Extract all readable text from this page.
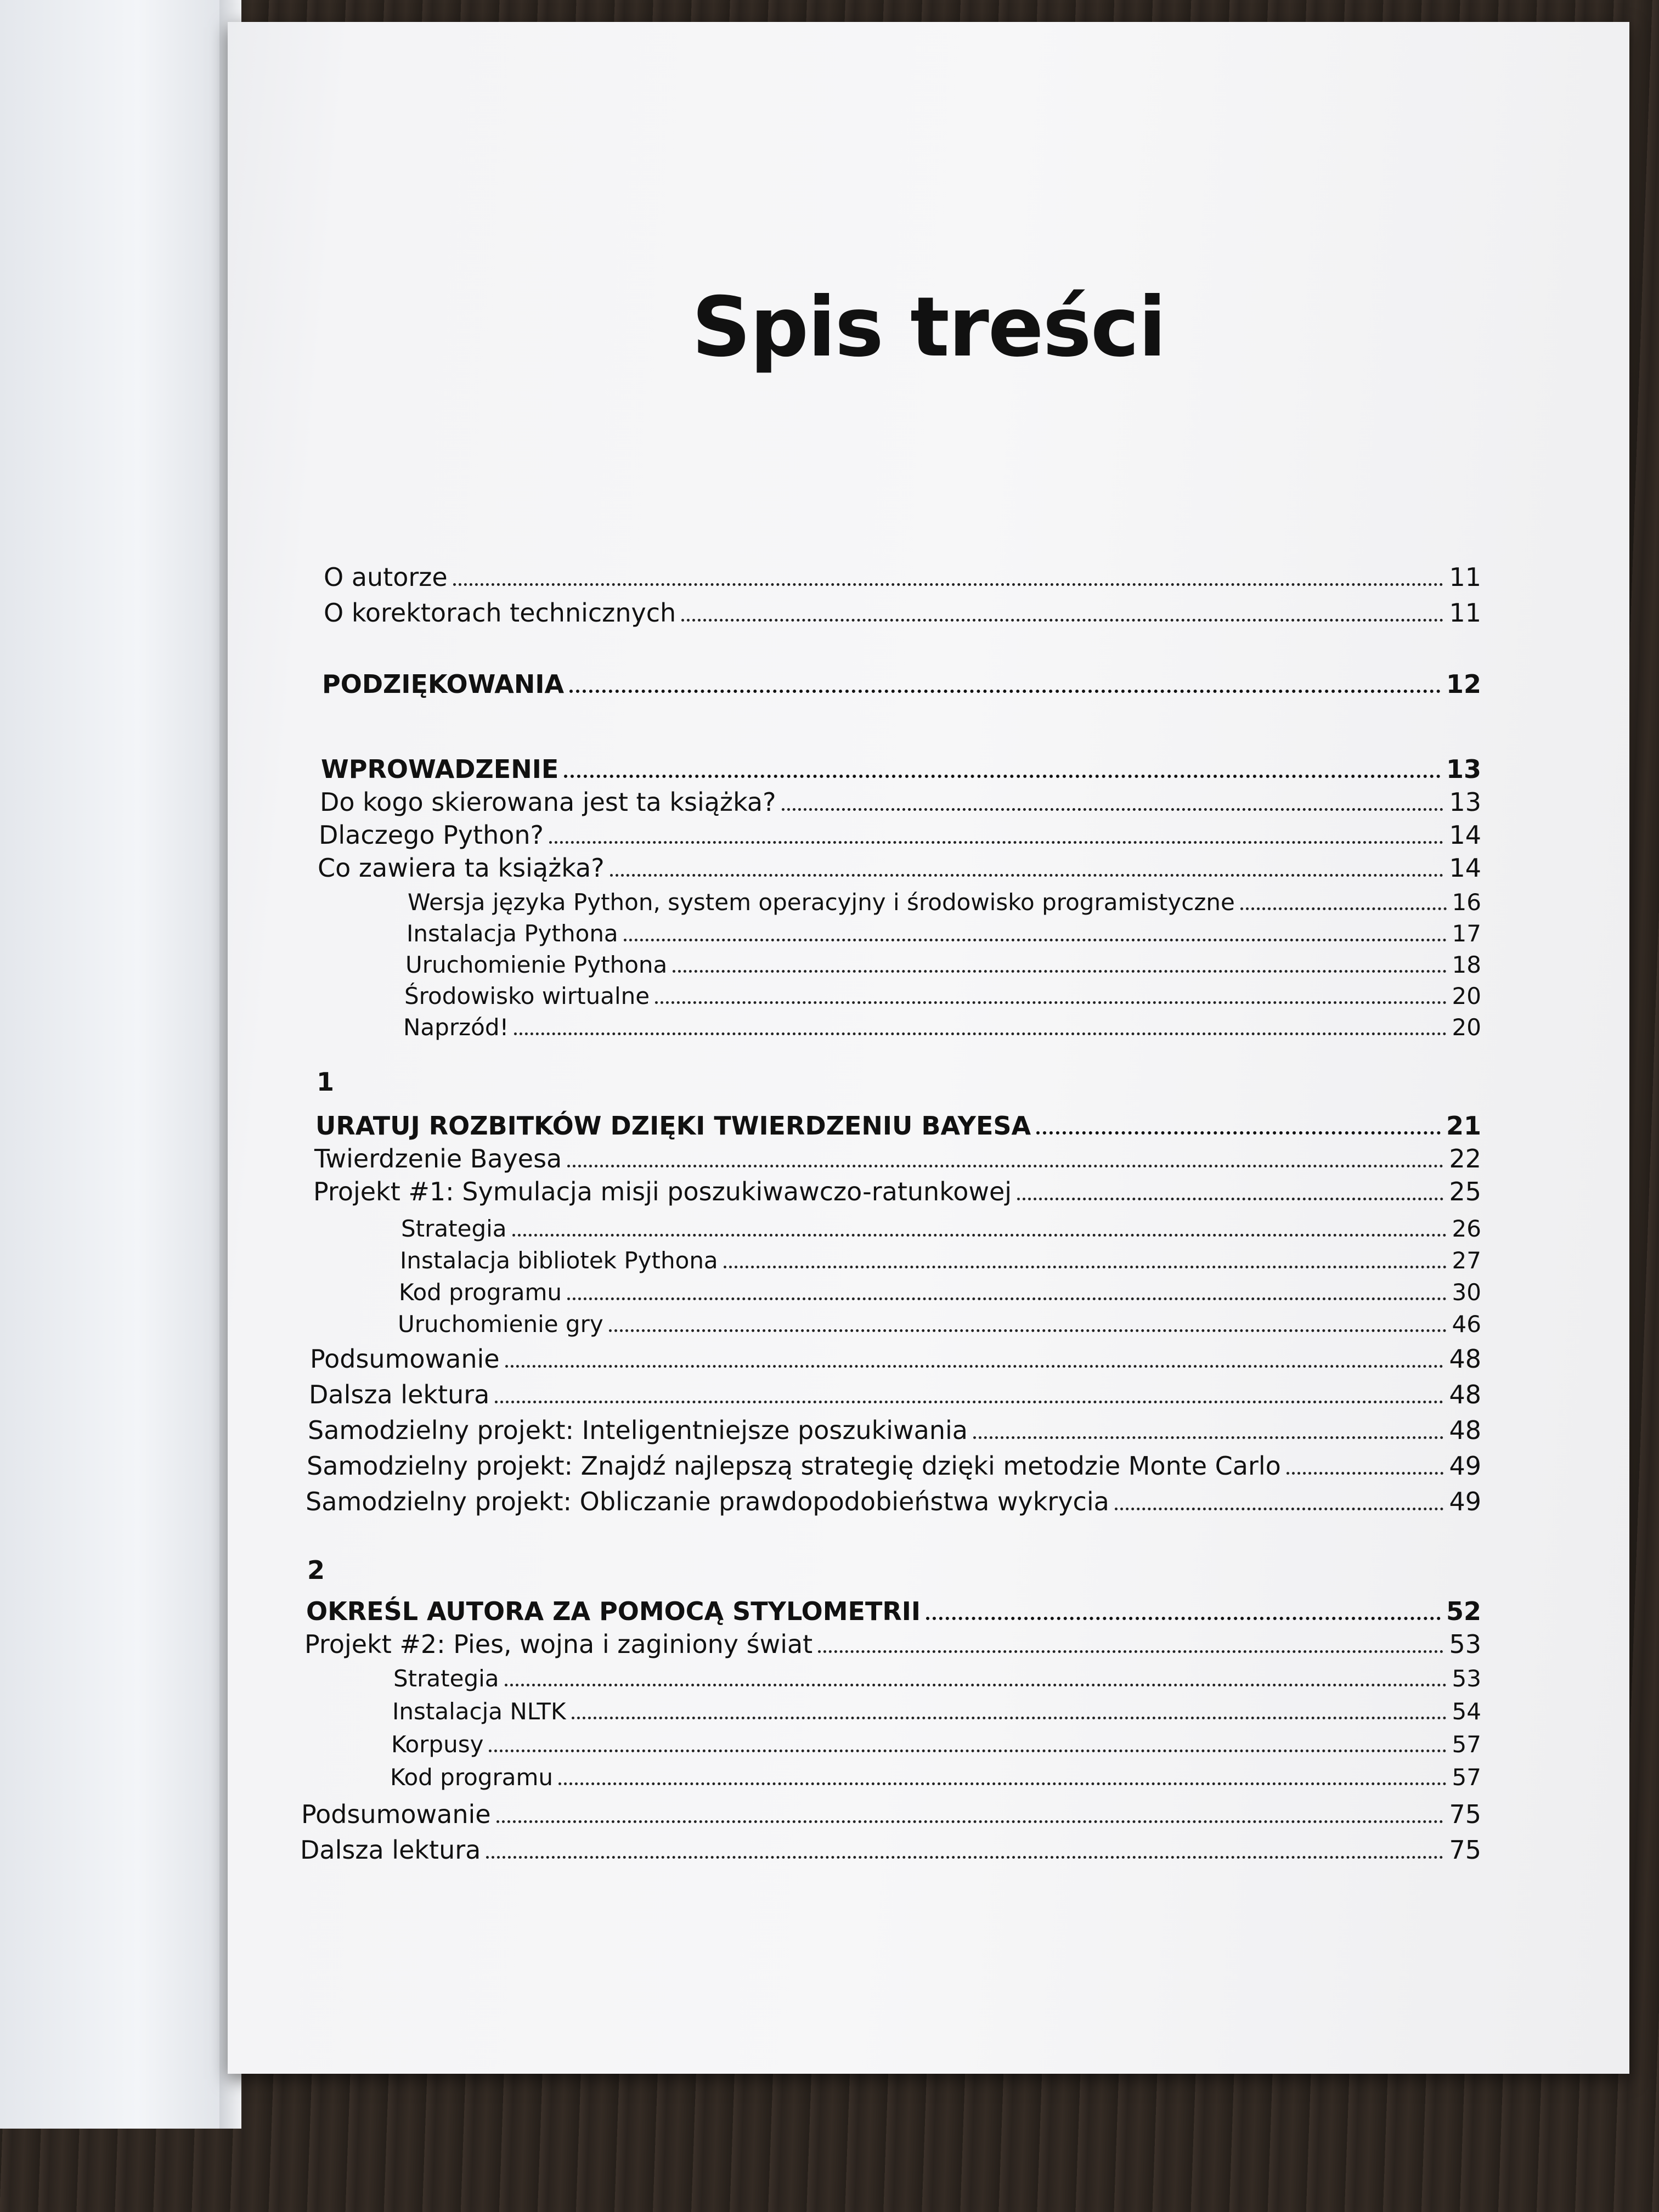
Spis treści
O autorze	11
O korektorach technicznych	11
PODZIĘKOWANIA	12
WPROWADZENIE	13
Do kogo skierowana jest ta książka?	13
Dlaczego Python?	14
Co zawiera ta książka?	14
Wersja języka Python, system operacyjny i środowisko programistyczne	16
Instalacja Pythona	17
Uruchomienie Pythona	18
Środowisko wirtualne	20
Naprzód!	20
1
URATUJ ROZBITKÓW DZIĘKI TWIERDZENIU BAYESA	21
Twierdzenie Bayesa	22
Projekt #1: Symulacja misji poszukiwawczo-ratunkowej	25
Strategia	26
Instalacja bibliotek Pythona	27
Kod programu	30
Uruchomienie gry	46
Podsumowanie	48
Dalsza lektura	48
Samodzielny projekt: Inteligentniejsze poszukiwania	48
Samodzielny projekt: Znajdź najlepszą strategię dzięki metodzie Monte Carlo	49
Samodzielny projekt: Obliczanie prawdopodobieństwa wykrycia	49
2
OKREŚL AUTORA ZA POMOCĄ STYLOMETRII	52
Projekt #2: Pies, wojna i zaginiony świat	53
Strategia	53
Instalacja NLTK	54
Korpusy	57
Kod programu	57
Podsumowanie	75
Dalsza lektura	75
